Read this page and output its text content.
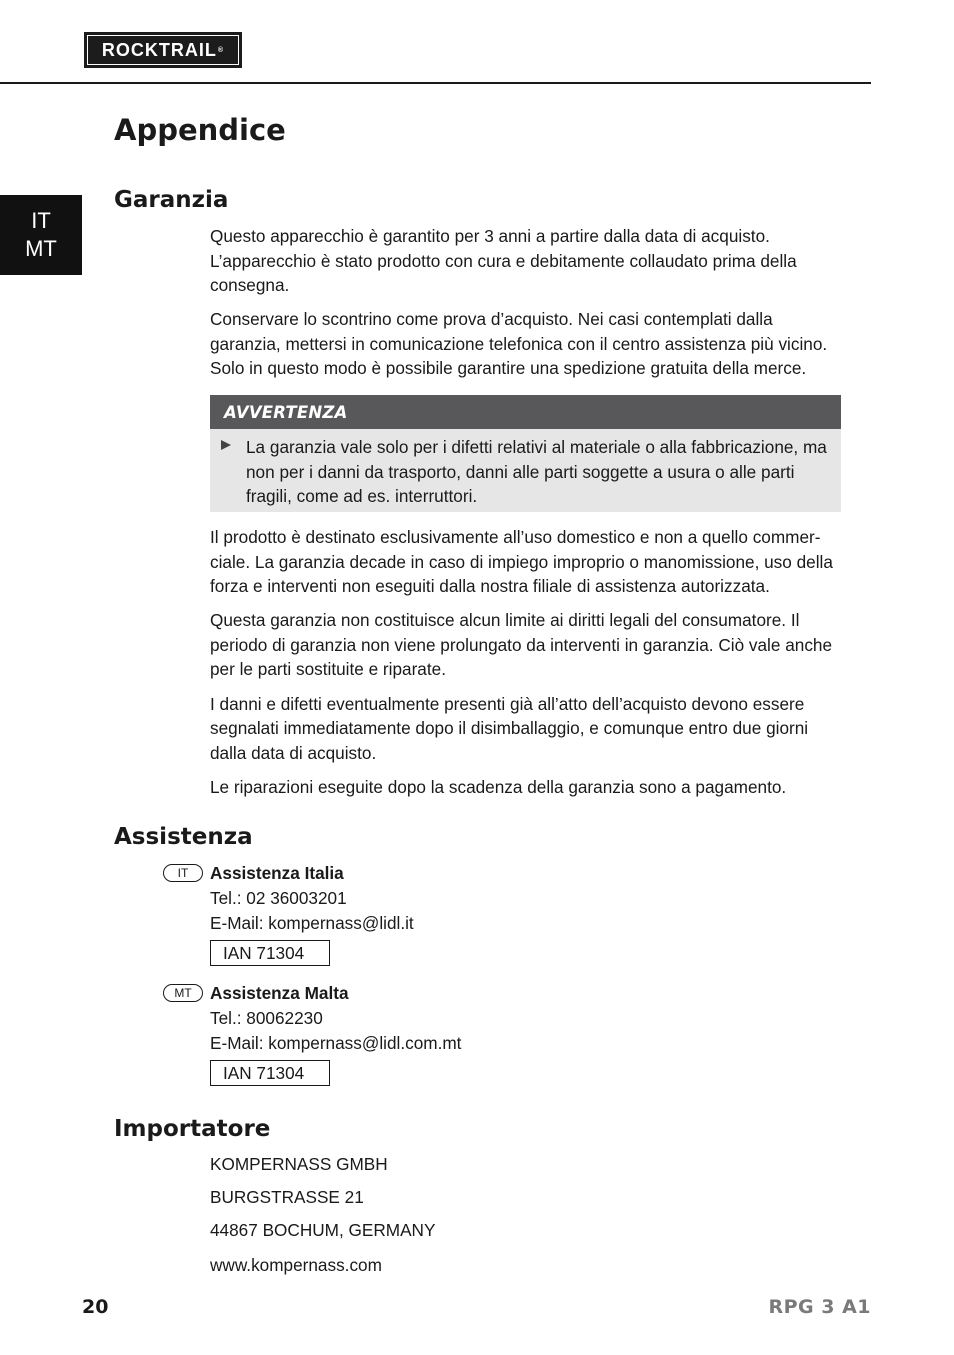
ROCKTRAIL ®
IT
MT
Appendice
Garanzia

Questo apparecchio è garantito per 3 anni a partire dalla data di acquisto. L’apparecchio è stato prodotto con cura e debitamente collaudato prima della consegna.

Conservare lo scontrino come prova d’acquisto. Nei casi contemplati dalla garanzia, mettersi in comunicazione telefonica con il centro assistenza più vicino. Solo in questo modo è possibile garantire una spedizione gratuita della merce.

AVVERTENZA
La garanzia vale solo per i difetti relativi al materiale o alla fabbricazione, ma non per i danni da trasporto, danni alle parti soggette a usura o alle parti fragili, come ad es. interruttori.

Il prodotto è destinato esclusivamente all’uso domestico e non a quello commerciale. La garanzia decade in caso di impiego improprio o manomissione, uso della forza e interventi non eseguiti dalla nostra filiale di assistenza autorizzata.

Questa garanzia non costituisce alcun limite ai diritti legali del consumatore. Il periodo di garanzia non viene prolungato da interventi in garanzia. Ciò vale anche per le parti sostituite e riparate.

I danni e difetti eventualmente presenti già all’atto dell’acquisto devono essere segnalati immediatamente dopo il disimballaggio, e comunque entro due giorni dalla data di acquisto.

Le riparazioni eseguite dopo la scadenza della garanzia sono a pagamento.

Assistenza
IT	Assistenza Italia
Tel.: 02 36003201
E-Mail: kompernass@lidl.it
IAN 71304
MT	Assistenza Malta
Tel.: 80062230
E-Mail: kompernass@lidl.com.mt
IAN 71304
Importatore
KOMPERNASS GMBH
BURGSTRASSE 21
44867 BOCHUM, GERMANY
www.kompernass.com
20	RPG 3 A1
